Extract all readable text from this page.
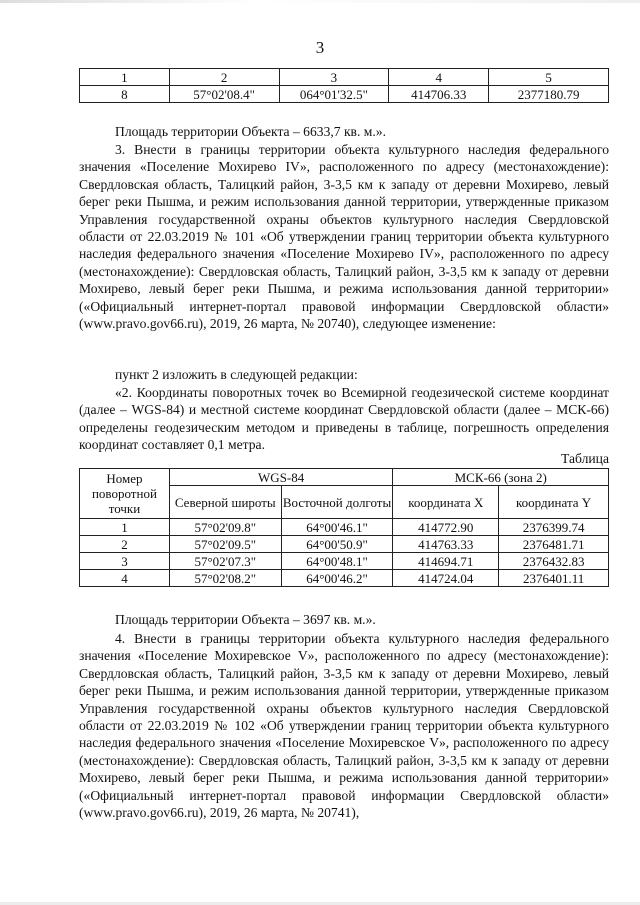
3
1	2	3	4	5
8	57°02'08.4"	064°01'32.5"	414706.33	2377180.79
Площадь территории Объекта – 6633,7 кв. м.».
3. Внести в границы территории объекта культурного наследия федерального значения «Поселение Мохирево IV», расположенного по адресу (местонахождение): Свердловская область, Талицкий район, 3-3,5 км к западу от деревни Мохирево, левый берег реки Пышма, и режим использования данной территории, утвержденные приказом Управления государственной охраны объектов культурного наследия Свердловской области от 22.03.2019 № 101 «Об утверждении границ территории объекта культурного наследия федерального значения «Поселение Мохирево IV», расположенного по адресу (местонахождение): Свердловская область, Талицкий район, 3-3,5 км к западу от деревни Мохирево, левый берег реки Пышма, и режима использования данной территории» («Официальный интернет-портал правовой информации Свердловской области» (www.pravo.gov66.ru), 2019, 26 марта, № 20740), следующее изменение:
пункт 2 изложить в следующей редакции:
«2. Координаты поворотных точек во Всемирной геодезической системе координат (далее – WGS-84) и местной системе координат Свердловской области (далее – МСК-66) определены геодезическим методом и приведены в таблице, погрешность определения координат составляет 0,1 метра.
Таблица
Номер поворотной точки	WGS-84		МСК-66 (зона 2)	
	Северной широты	Восточной долготы	координата X	координата Y
1	57°02'09.8"	64°00'46.1"	414772.90	2376399.74
2	57°02'09.5"	64°00'50.9"	414763.33	2376481.71
3	57°02'07.3"	64°00'48.1"	414694.71	2376432.83
4	57°02'08.2"	64°00'46.2"	414724.04	2376401.11
Площадь территории Объекта – 3697 кв. м.».
4. Внести в границы территории объекта культурного наследия федерального значения «Поселение Мохиревское V», расположенного по адресу (местонахождение): Свердловская область, Талицкий район, 3-3,5 км к западу от деревни Мохирево, левый берег реки Пышма, и режим использования данной территории, утвержденные приказом Управления государственной охраны объектов культурного наследия Свердловской области от 22.03.2019 № 102 «Об утверждении границ территории объекта культурного наследия федерального значения «Поселение Мохиревское V», расположенного по адресу (местонахождение): Свердловская область, Талицкий район, 3-3,5 км к западу от деревни Мохирево, левый берег реки Пышма, и режима использования данной территории» («Официальный интернет-портал правовой информации Свердловской области» (www.pravo.gov66.ru), 2019, 26 марта, № 20741),
